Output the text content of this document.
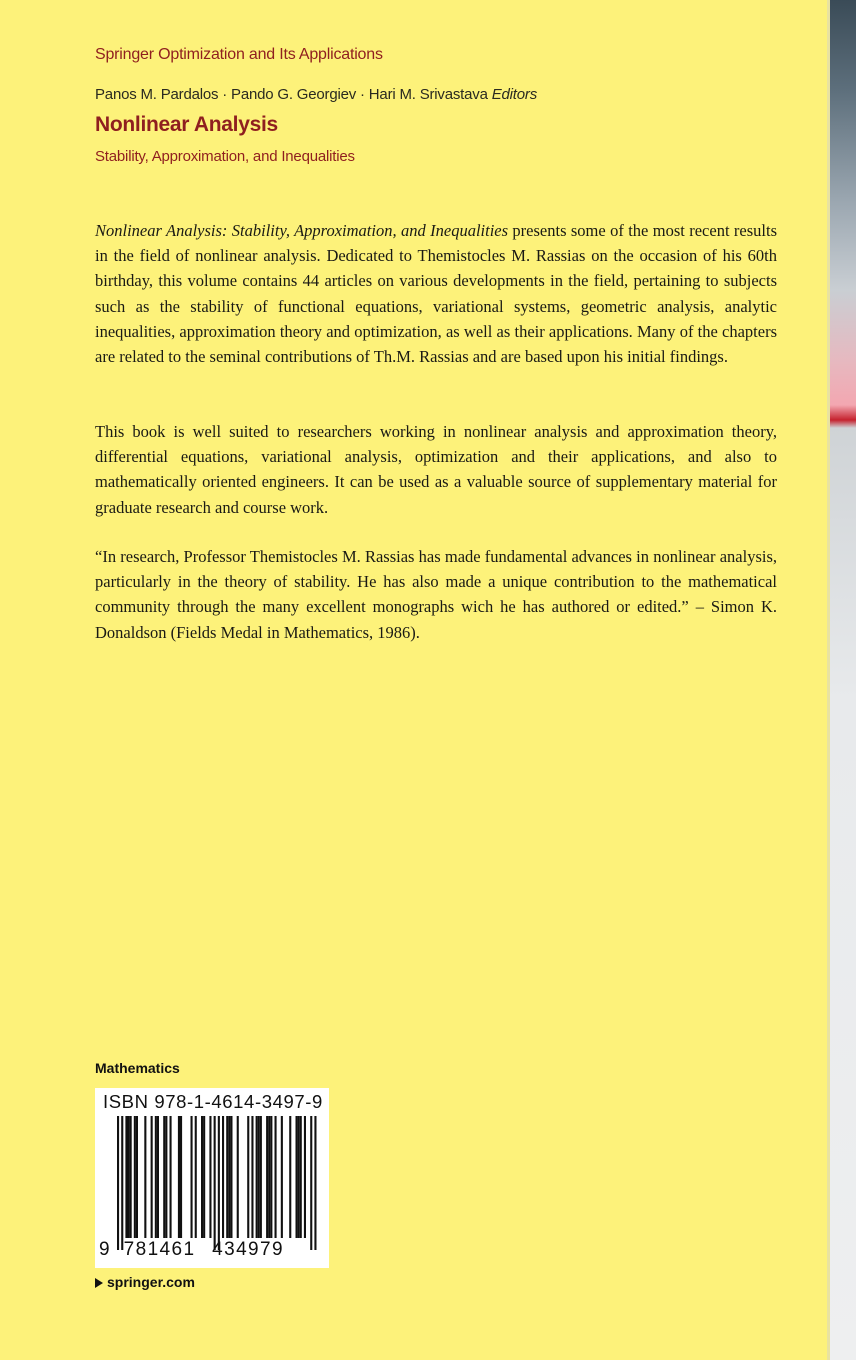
Springer Optimization and Its Applications
Panos M. Pardalos · Pando G. Georgiev · Hari M. Srivastava Editors
Nonlinear Analysis
Stability, Approximation, and Inequalities
Nonlinear Analysis: Stability, Approximation, and Inequalities presents some of the most recent results in the field of nonlinear analysis. Dedicated to Themistocles M. Rassias on the occasion of his 60th birthday, this volume contains 44 articles on various developments in the field, pertaining to subjects such as the stability of functional equations, variational systems, geometric analysis, analytic inequalities, approximation theory and optimization, as well as their applications. Many of the chapters are related to the seminal contributions of Th.M. Rassias and are based upon his initial findings.
This book is well suited to researchers working in nonlinear analysis and approximation theory, differential equations, variational analysis, optimization and their applications, and also to mathematically oriented engineers. It can be used as a valuable source of supplementary material for graduate research and course work.
“In research, Professor Themistocles M. Rassias has made fundamental advances in nonlinear analysis, particularly in the theory of stability. He has also made a unique contribution to the mathematical community through the many excellent monographs wich he has authored or edited.” – Simon K. Donaldson (Fields Medal in Mathematics, 1986).
Mathematics
ISBN 978-1-4614-3497-9
9 781461 434979
springer.com
